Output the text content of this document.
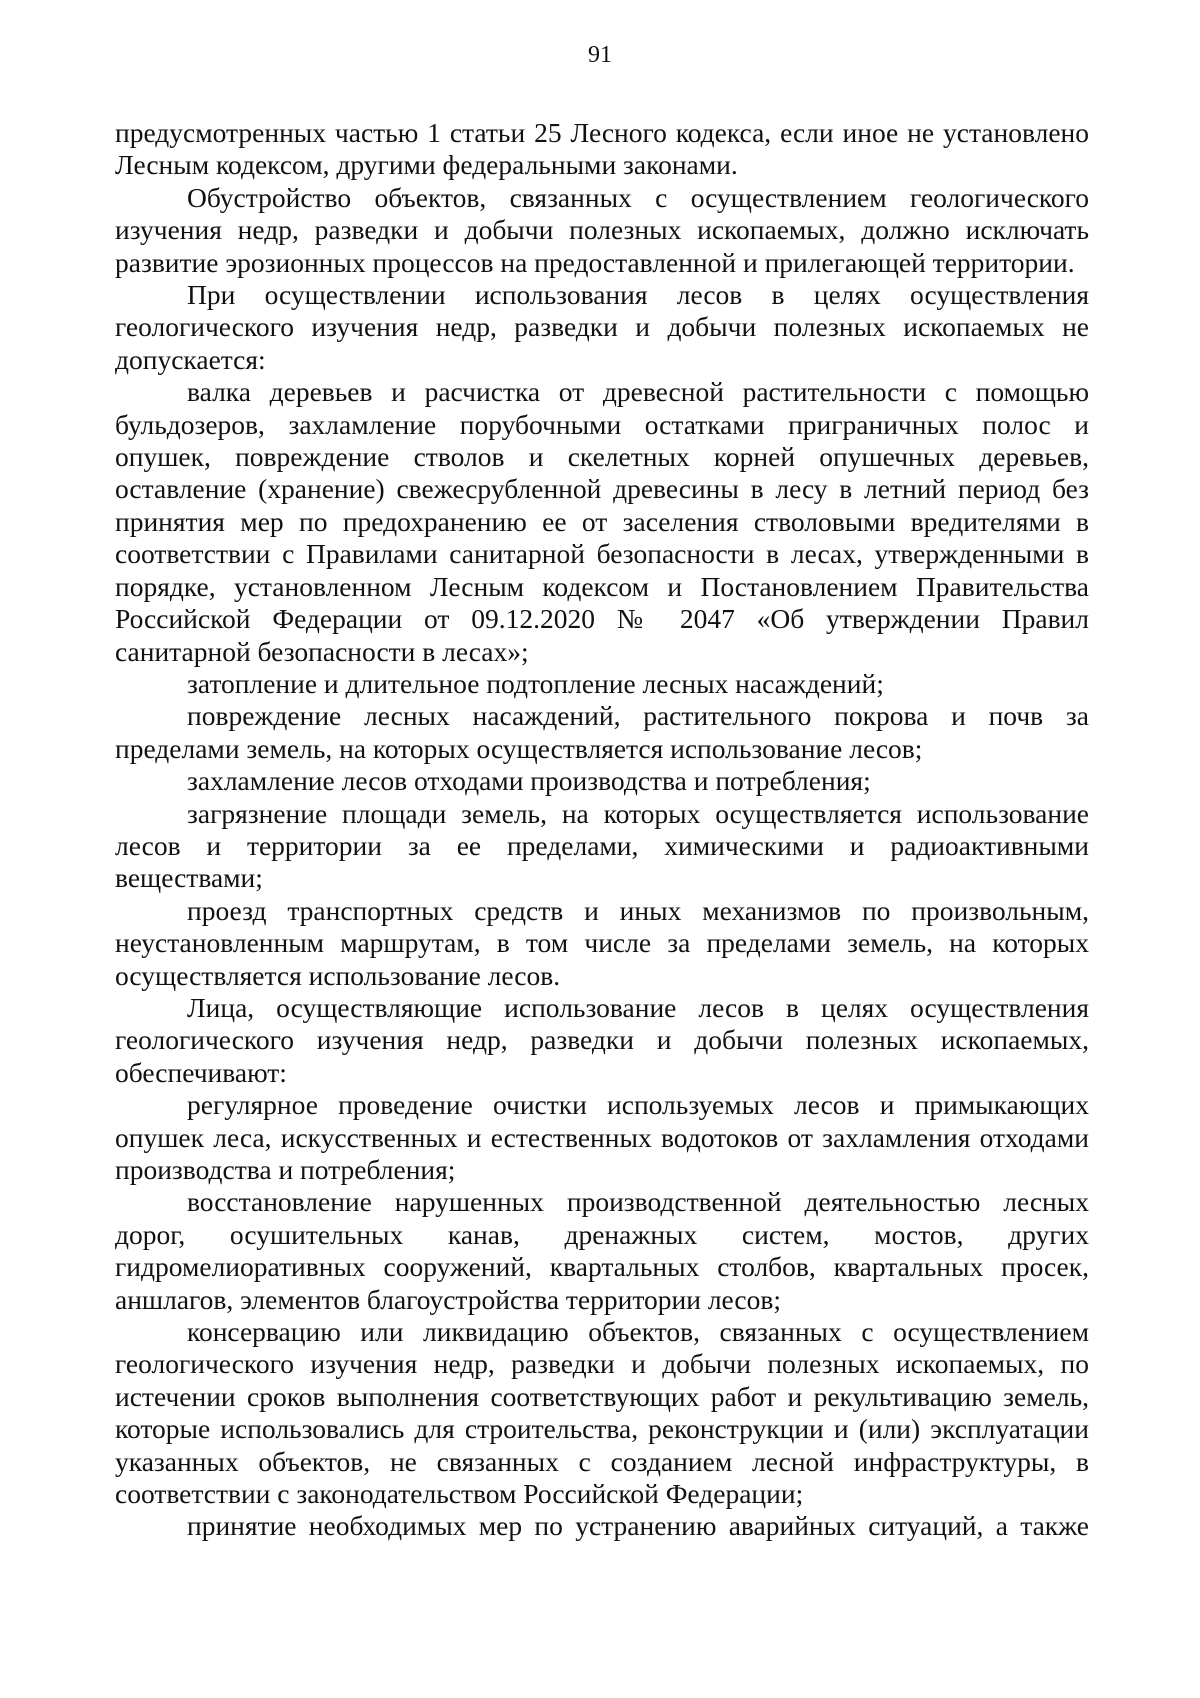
91

предусмотренных частью 1 статьи 25 Лесного кодекса, если иное не установлено Лесным кодексом, другими федеральными законами.

Обустройство объектов, связанных с осуществлением геологического изучения недр, разведки и добычи полезных ископаемых, должно исключать развитие эрозионных процессов на предоставленной и прилегающей территории.

При осуществлении использования лесов в целях осуществления геологического изучения недр, разведки и добычи полезных ископаемых не допускается:

валка деревьев и расчистка от древесной растительности с помощью бульдозеров, захламление порубочными остатками приграничных полос и опушек, повреждение стволов и скелетных корней опушечных деревьев, оставление (хранение) свежесрубленной древесины в лесу в летний период без принятия мер по предохранению ее от заселения стволовыми вредителями в соответствии с Правилами санитарной безопасности в лесах, утвержденными в порядке, установленном Лесным кодексом и Постановлением Правительства Российской Федерации от 09.12.2020 № 2047 «Об утверждении Правил санитарной безопасности в лесах»;

затопление и длительное подтопление лесных насаждений;

повреждение лесных насаждений, растительного покрова и почв за пределами земель, на которых осуществляется использование лесов;

захламление лесов отходами производства и потребления;

загрязнение площади земель, на которых осуществляется использование лесов и территории за ее пределами, химическими и радиоактивными веществами;

проезд транспортных средств и иных механизмов по произвольным, неустановленным маршрутам, в том числе за пределами земель, на которых осуществляется использование лесов.

Лица, осуществляющие использование лесов в целях осуществления геологического изучения недр, разведки и добычи полезных ископаемых, обеспечивают:

регулярное проведение очистки используемых лесов и примыкающих опушек леса, искусственных и естественных водотоков от захламления отходами производства и потребления;

восстановление нарушенных производственной деятельностью лесных дорог, осушительных канав, дренажных систем, мостов, других гидромелиоративных сооружений, квартальных столбов, квартальных просек, аншлагов, элементов благоустройства территории лесов;

консервацию или ликвидацию объектов, связанных с осуществлением геологического изучения недр, разведки и добычи полезных ископаемых, по истечении сроков выполнения соответствующих работ и рекультивацию земель, которые использовались для строительства, реконструкции и (или) эксплуатации указанных объектов, не связанных с созданием лесной инфраструктуры, в соответствии с законодательством Российской Федерации;

принятие необходимых мер по устранению аварийных ситуаций, а также
